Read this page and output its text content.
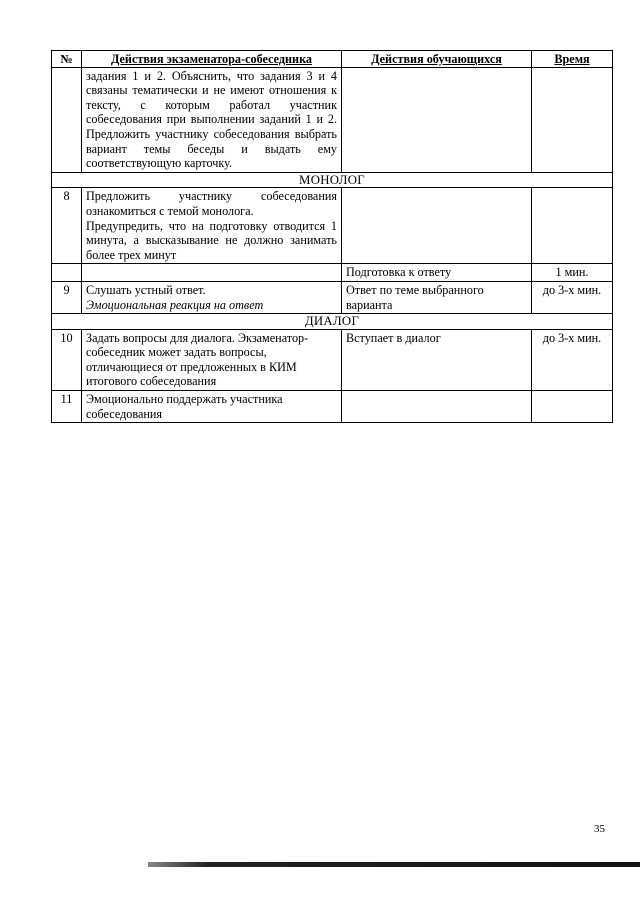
№	Действия экзаменатора-собеседника	Действия обучающихся	Время
	задания 1 и 2. Объяснить, что задания 3 и 4 связаны тематически и не имеют отношения к тексту, с которым работал участник собеседования при выполнении заданий 1 и 2. Предложить участнику собеседования выбрать вариант темы беседы и выдать ему соответствующую карточку.		
МОНОЛОГ			
8	Предложить участнику собеседования ознакомиться с темой монолога.
Предупредить, что на подготовку отводится 1 минута, а высказывание не должно занимать более трех минут		

		Подготовка к ответу	1 мин.
9	Слушать устный ответ.
Эмоциональная реакция на ответ	Ответ по теме выбранного варианта	до 3-х мин.
ДИАЛОГ			
10	Задать вопросы для диалога. Экзаменатор-собеседник может задать вопросы, отличающиеся от предложенных в КИМ итогового собеседования	Вступает в диалог	до 3-х мин.
11	Эмоционально поддержать участника собеседования		
35
